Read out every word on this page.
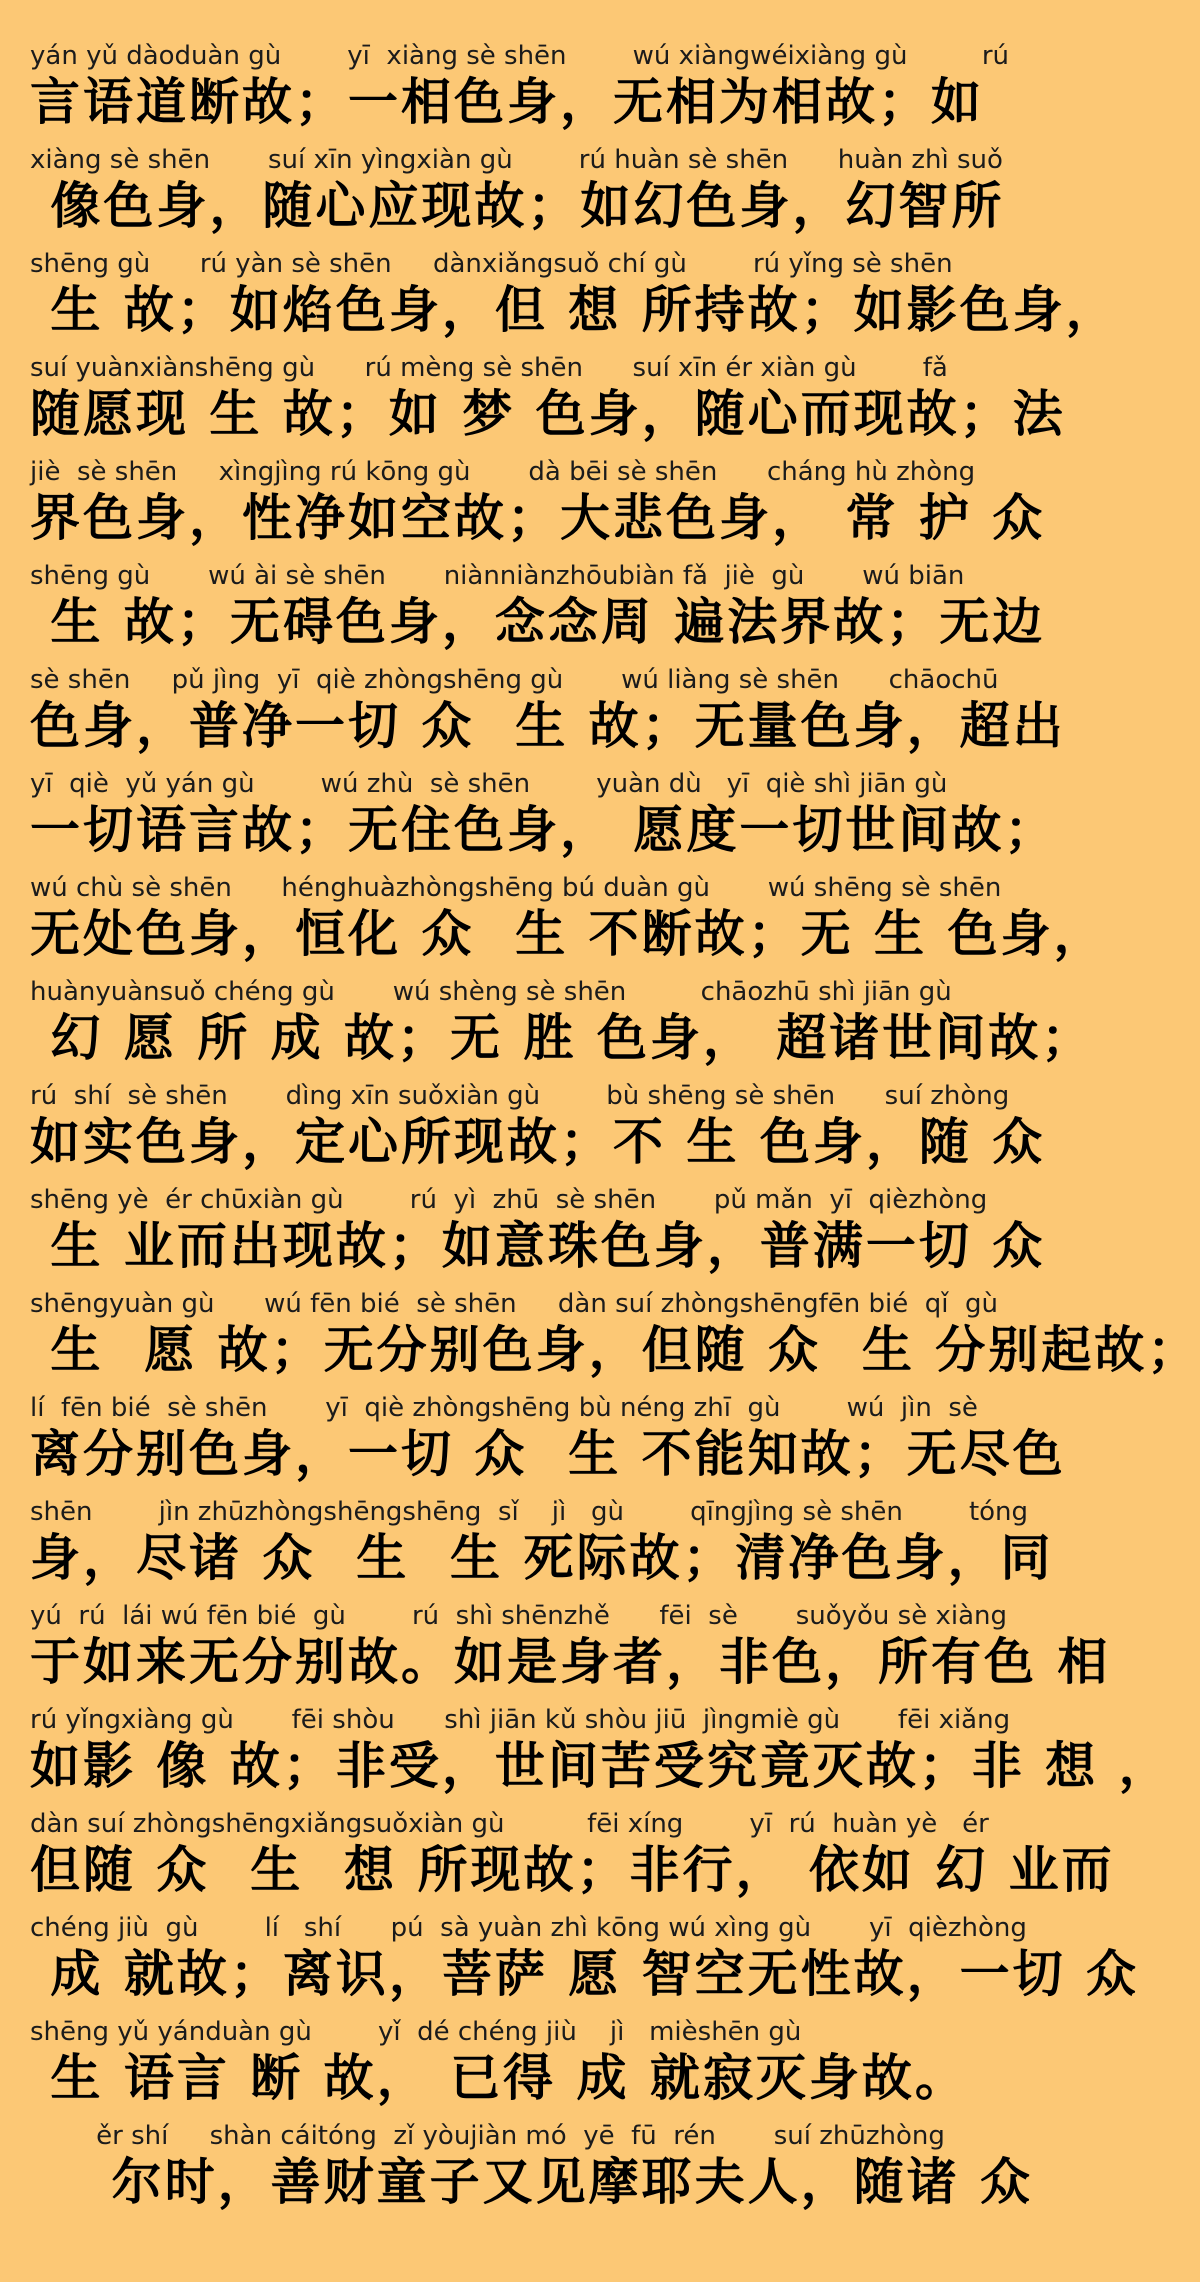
yán yǔ dàoduàn gù        yī  xiàng sè shēn        wú xiàngwéixiàng gù         rú
言语道断故；一相色身，无相为相故；如
xiàng sè shēn       suí xīn yìngxiàn gù        rú huàn sè shēn      huàn zhì suǒ
像色身，随心应现故；如幻色身，幻智所
shēng gù      rú yàn sè shēn     dànxiǎngsuǒ chí gù        rú yǐng sè shēn
生 故；如焰色身，但 想 所持故；如影色身，
suí yuànxiànshēng gù      rú mèng sè shēn      suí xīn ér xiàn gù        fǎ
随愿现 生 故；如 梦 色身，随心而现故；法
jiè  sè shēn     xìngjìng rú kōng gù       dà bēi sè shēn      cháng hù zhòng
界色身，性净如空故；大悲色身， 常 护 众
shēng gù       wú ài sè shēn       niànniànzhōubiàn fǎ  jiè  gù       wú biān
生 故；无碍色身，念念周 遍法界故；无边
sè shēn     pǔ jìng  yī  qiè zhòngshēng gù       wú liàng sè shēn      chāochū
色身，普净一切 众  生 故；无量色身，超出
yī  qiè  yǔ yán gù        wú zhù  sè shēn        yuàn dù   yī  qiè shì jiān gù
一切语言故；无住色身， 愿度一切世间故；
wú chù sè shēn      hénghuàzhòngshēng bú duàn gù       wú shēng sè shēn
无处色身，恒化 众  生 不断故；无 生 色身，
huànyuànsuǒ chéng gù       wú shèng sè shēn         chāozhū shì jiān gù
幻 愿 所 成 故；无 胜 色身， 超诸世间故；
rú  shí  sè shēn       dìng xīn suǒxiàn gù        bù shēng sè shēn      suí zhòng
如实色身，定心所现故；不 生 色身，随 众
shēng yè  ér chūxiàn gù        rú  yì  zhū  sè shēn       pǔ mǎn  yī  qièzhòng
生 业而出现故；如意珠色身，普满一切 众
shēngyuàn gù      wú fēn bié  sè shēn     dàn suí zhòngshēngfēn bié  qǐ  gù
生  愿 故；无分别色身，但随 众  生 分别起故；
lí  fēn bié  sè shēn       yī  qiè zhòngshēng bù néng zhī  gù        wú  jìn  sè
离分别色身，一切 众  生 不能知故；无尽色
shēn        jìn zhūzhòngshēngshēng  sǐ    jì   gù        qīngjìng sè shēn        tóng
身，尽诸 众  生  生 死际故；清净色身，同
yú  rú  lái wú fēn bié  gù        rú  shì shēnzhě      fēi  sè       suǒyǒu sè xiàng
于如来无分别故。如是身者，非色，所有色 相
rú yǐngxiàng gù       fēi shòu      shì jiān kǔ shòu jiū  jìngmiè gù       fēi xiǎng
如影 像 故；非受，世间苦受究竟灭故；非 想 ，
dàn suí zhòngshēngxiǎngsuǒxiàn gù          fēi xíng        yī  rú  huàn yè   ér
但随 众  生  想 所现故；非行， 依如 幻 业而
chéng jiù  gù        lí   shí      pú  sà yuàn zhì kōng wú xìng gù       yī  qièzhòng
成 就故；离识，菩萨 愿 智空无性故，一切 众
shēng yǔ yánduàn gù        yǐ  dé chéng jiù    jì   mièshēn gù
生 语言 断 故， 已得 成 就寂灭身故。
ěr shí     shàn cáitóng  zǐ yòujiàn mó  yē  fū  rén       suí zhūzhòng
尔时，善财童子又见摩耶夫人，随诸 众
